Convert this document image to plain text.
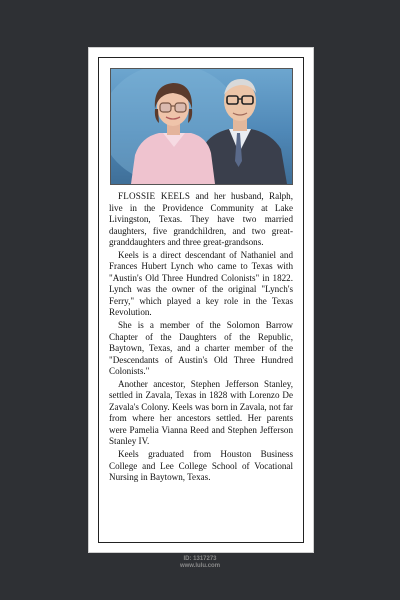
FLOSSIE KEELS and her husband, Ralph, live in the Providence Community at Lake Livingston, Texas. They have two married daughters, five grandchildren, and two great-granddaughters and three great-grandsons.

Keels is a direct descendant of Nathaniel and Frances Hubert Lynch who came to Texas with "Austin's Old Three Hundred Colonists" in 1822. Lynch was the owner of the original "Lynch's Ferry," which played a key role in the Texas Revolution.

She is a member of the Solomon Barrow Chapter of the Daughters of the Republic, Baytown, Texas, and a charter member of the "Descendants of Austin's Old Three Hundred Colonists."

Another ancestor, Stephen Jefferson Stanley, settled in Zavala, Texas in 1828 with Lorenzo De Zavala's Colony. Keels was born in Zavala, not far from where her ancestors settled. Her parents were Pamelia Vianna Reed and Stephen Jefferson Stanley IV.

Keels graduated from Houston Business College and Lee College School of Vocational Nursing in Baytown, Texas.

ID: 1317273
www.lulu.com
